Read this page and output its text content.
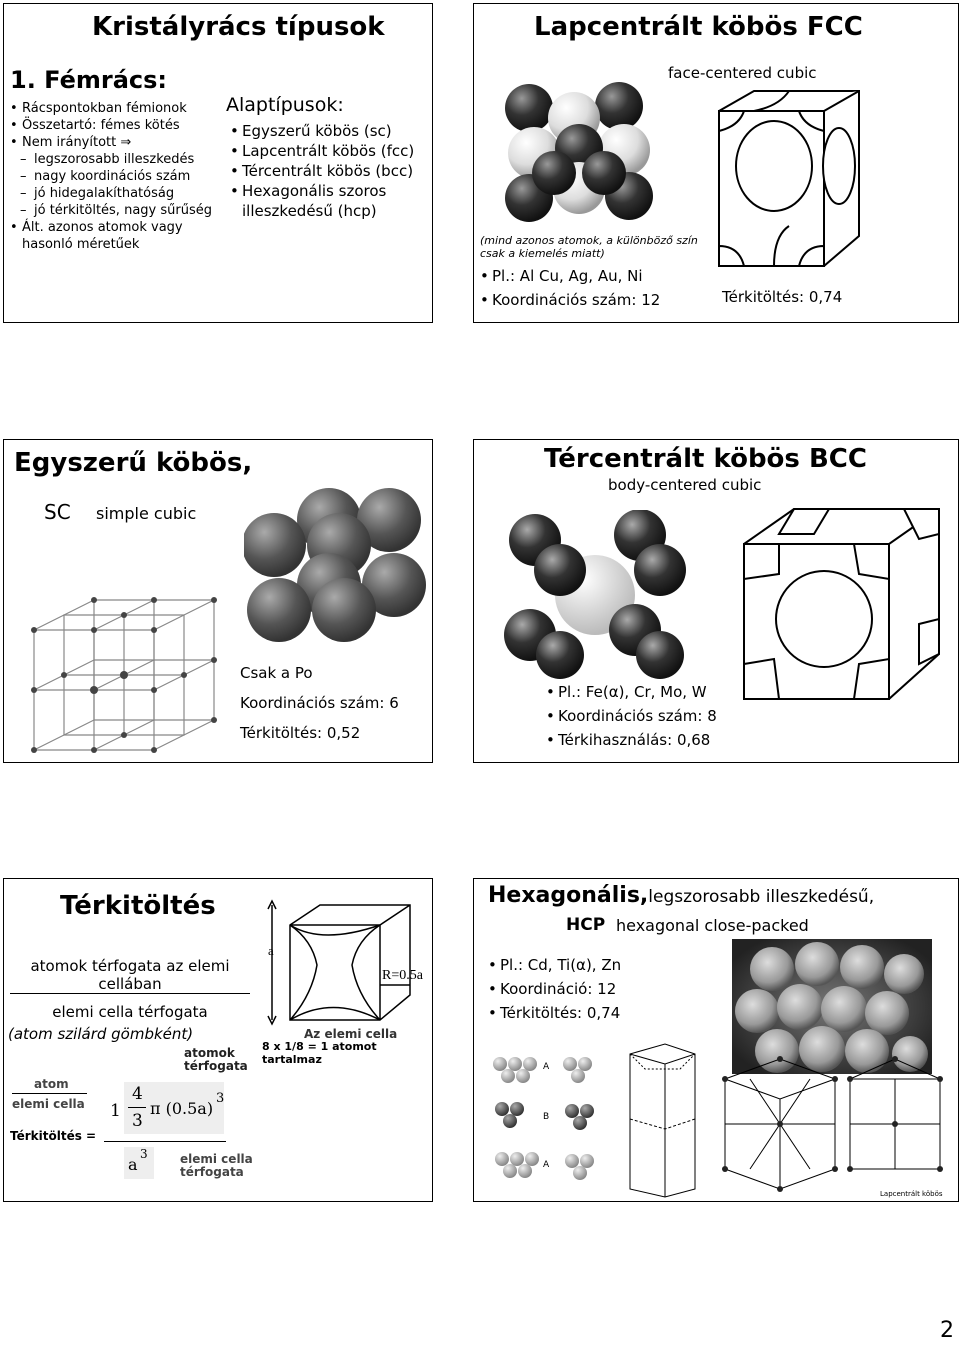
Kristályrács típusok
1. Fémrács:
• Rácspontokban fémionok
• Összetartó: fémes kötés
• Nem irányított ⇒
– legszorosabb illeszkedés
– nagy koordinációs szám
– jó hidegalakíthatóság
– jó térkitöltés, nagy sűrűség
• Ált. azonos atomok vagy hasonló méretűek
Alaptípusok:
• Egyszerű köbös (sc)
• Lapcentrált köbös (fcc)
• Tércentrált köbös (bcc)
• Hexagonális szoros illeszkedésű (hcp)
Lapcentrált köbös FCC
face-centered cubic
(mind azonos atomok, a különböző szín csak a kiemelés miatt)
• Pl.: Al Cu, Ag, Au, Ni
• Koordinációs szám: 12	Térkitöltés: 0,74
Egyszerű köbös,
SC simple cubic
Csak a Po
Koordinációs szám: 6
Térkitöltés: 0,52
Tércentrált köbös BCC
body-centered cubic
• Pl.: Fe(α), Cr, Mo, W
• Koordinációs szám: 8
• Térkihasználás: 0,68
Térkitöltés
atomok térfogata az elemi cellában
elemi cella térfogata
(atom szilárd gömbként)
atomok térfogata
atom
elemi cella
Térkitöltés =
1
4
3
π (0.5a)
3
a
3	elemi cella térfogata
a
R=0.5a
Az elemi cella
8 x 1/8 = 1 atomot tartalmaz
Hexagonális,legszorosabb illeszkedésű,
HCP hexagonal close-packed
• Pl.: Cd, Ti(α), Zn
• Koordináció: 12
• Térkitöltés: 0,74
A
B
A
Lapcentrált köbös
2
